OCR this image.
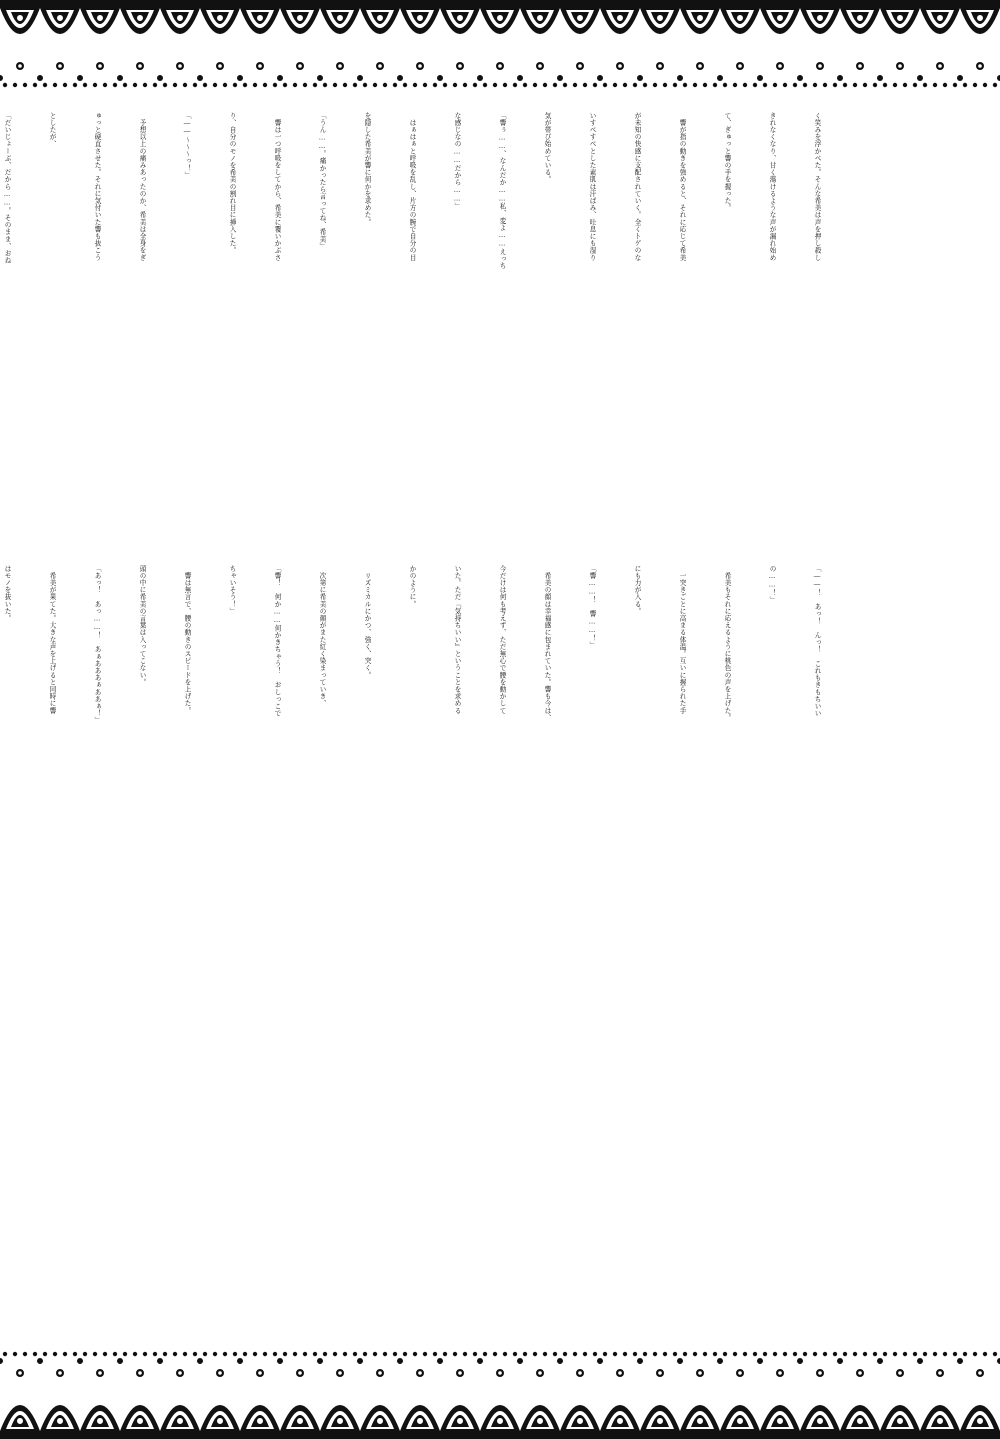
く笑みを浮かべた。そんな希美は声を押し殺し

きれなくなり、甘く蕩けるような声が漏れ始め

て、ぎゅっと響の手を握った。

　響が指の動きを強めると、それに応じて希美

が未知の快感に支配されていく。全くトゲのな

いすべすべとした素肌は汗ばみ、吐息にも湿り

気が帯び始めている。

「響ぅ……、なんだか……私、変よ……えっち

な感じなの……だから……」

　はぁはぁと呼吸を乱し、片方の腕で自分の目

を隠した希美が響に何かを求めた。

「うん……。痛かったら言ってね、希美」

　響は一つ呼吸をしてから、希美に覆いかぶさ

り、自分のモノを希美の割れ目に挿入した。

「――～～～っ！」

　予想以上の痛みあったのか、希美は全身をぎ

ゅっと硬直させた。それに気付いた響も抜こう

としたが、

「だいじょーぶ、だから……。そのまま、おね

「――！　あっ！　んっ！　これもきもちいい

の……！」

　希美もそれに応えるように桃色の声を上げた。

　一突きごとに高まる体温。互いに握られた手

にも力が入る。

「響……！　響……！」

　希美の顔は幸福感に包まれていた。響も今は、

今だけは何も考えず、ただ無心で腰を動かして

いた。ただ『気持ちいい』ということを求める

かのように。

　リズミカルにかつ、強く、突く。

　次第に希美の顔がまた紅く染まっていき、

「響！　何か……何かきちゃう！　おしっこで

ちゃいそう！」

　響は無言で、腰の動きのスピードを上げた。

頭の中に希美の言葉は入ってこない。

「あっ！　あっ……！　あぁあああぁああぁ！」

　希美が果てた。大きな声を上げると同時に響

はモノを抜いた。
